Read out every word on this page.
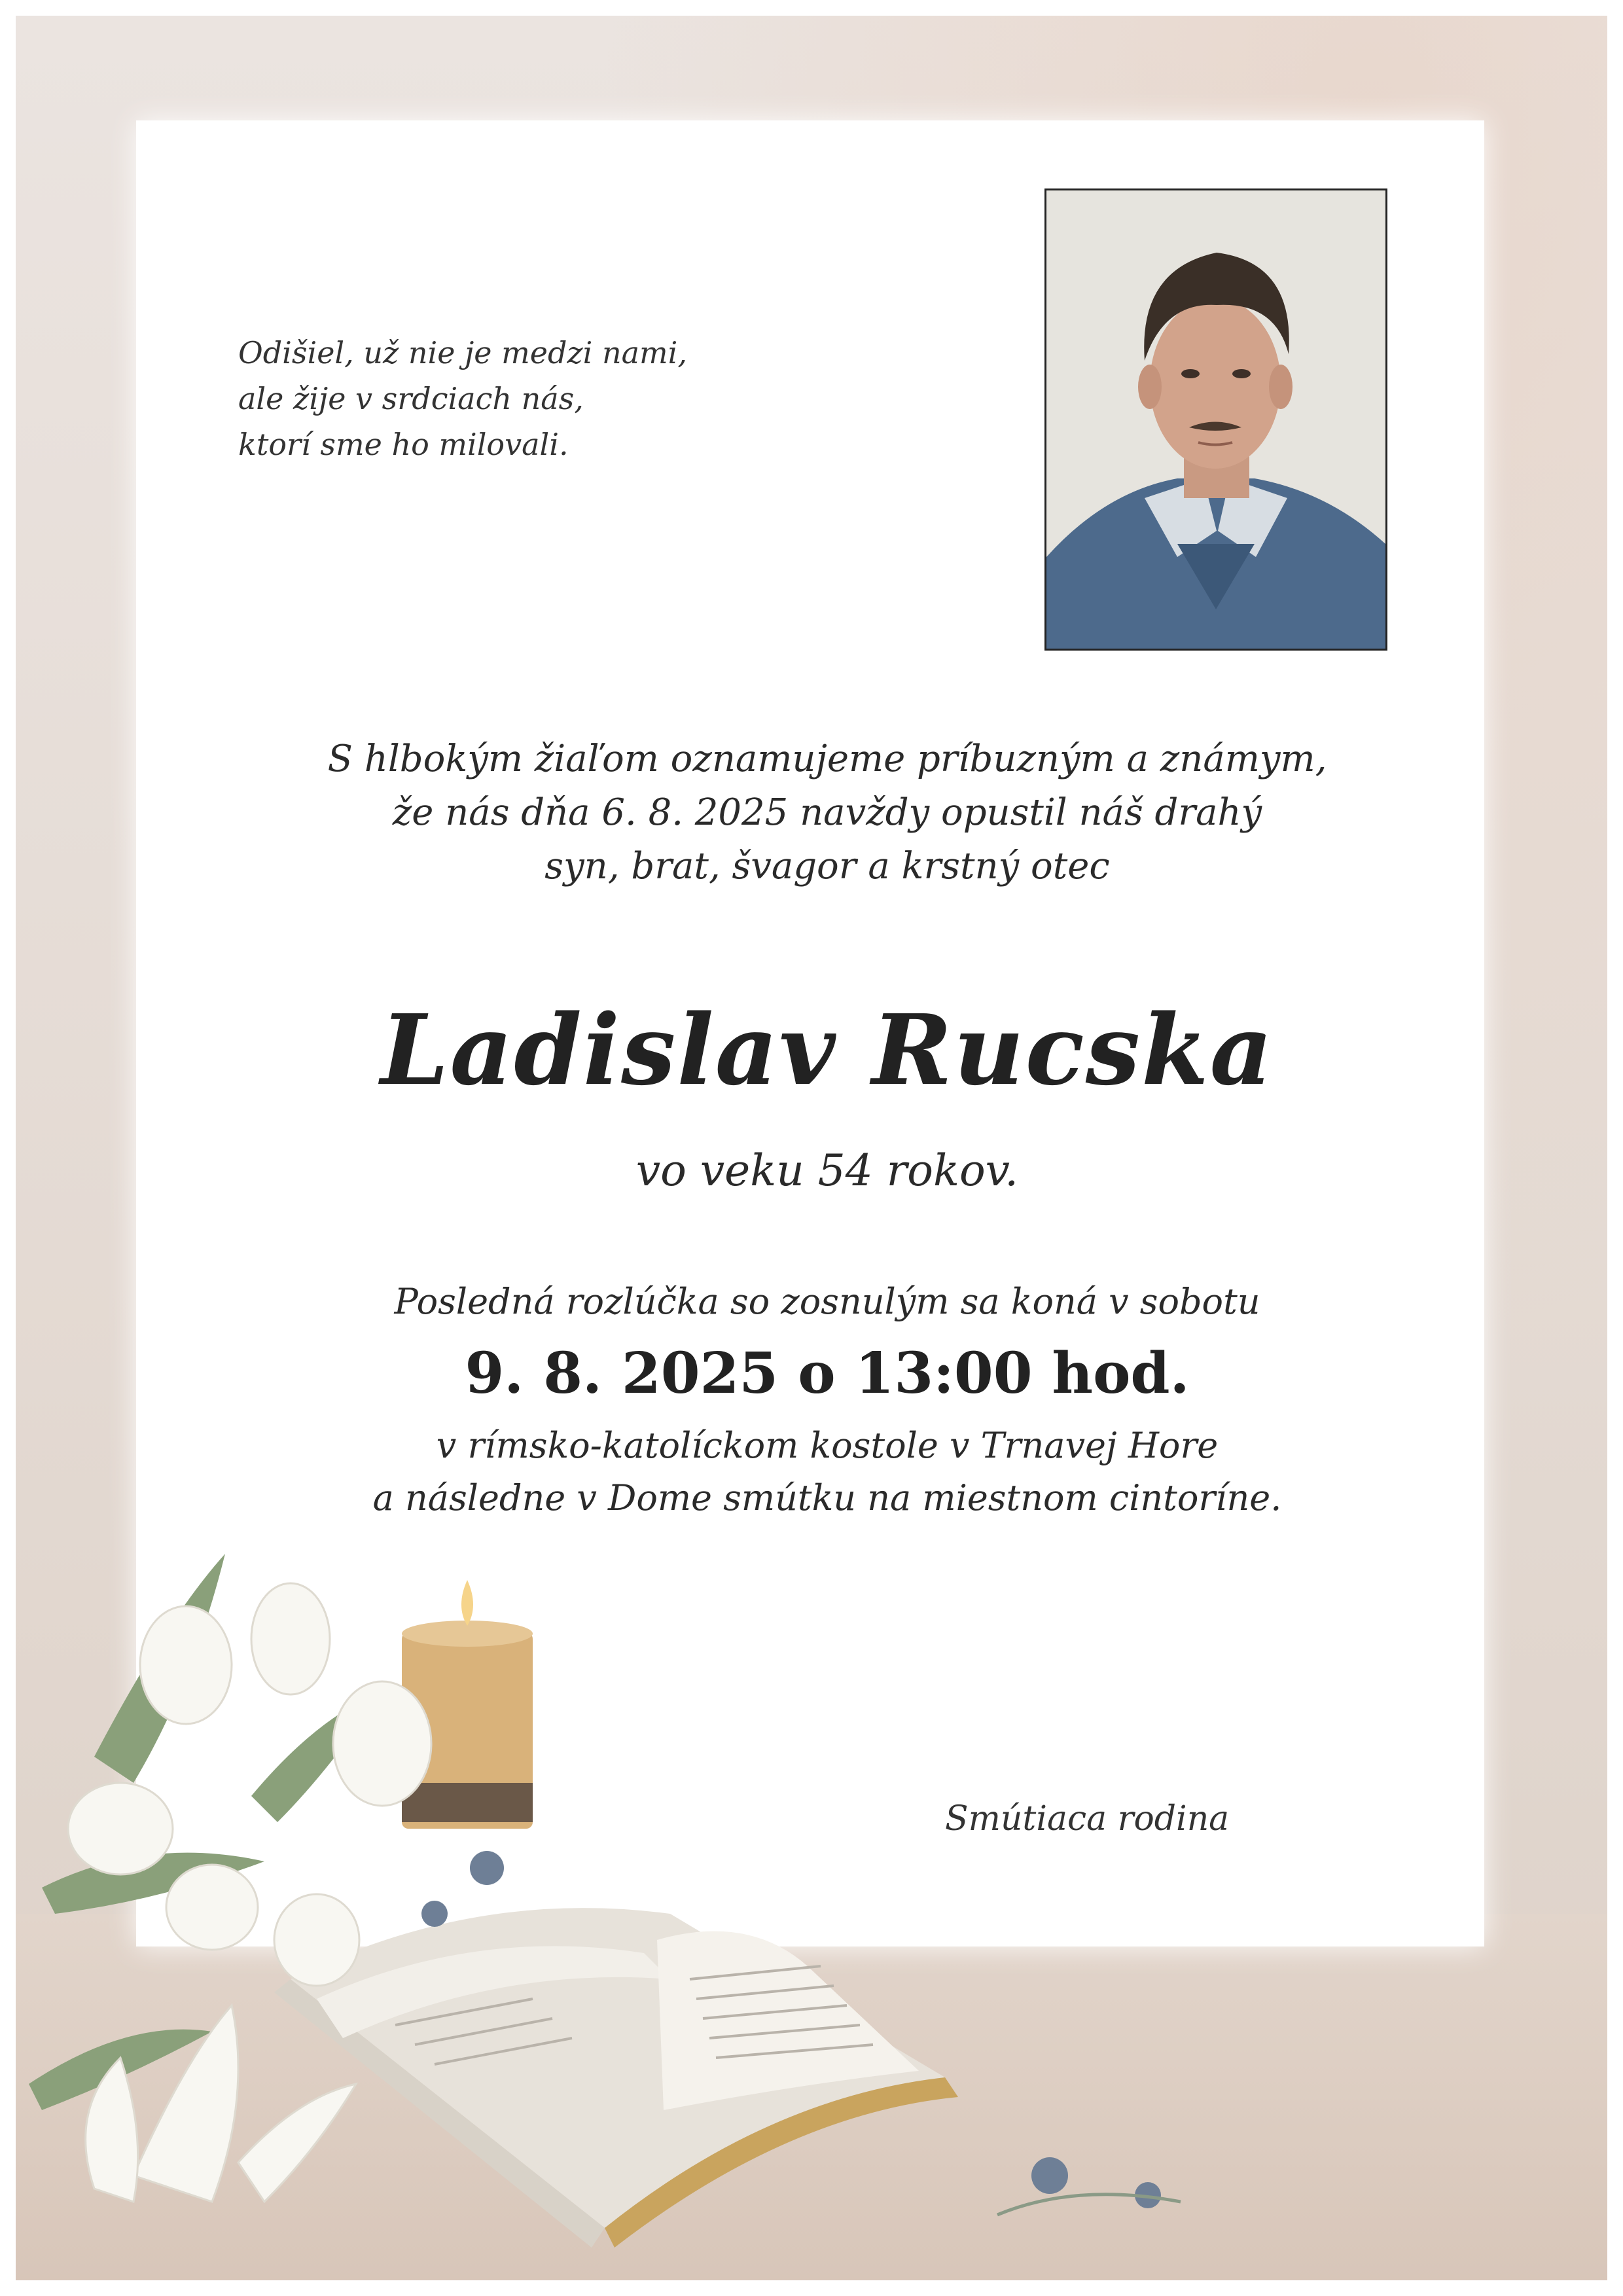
Odišiel, už nie je medzi nami,
ale žije v srdciach nás,
ktorí sme ho milovali.
S hlbokým žiaľom oznamujeme príbuzným a známym,
že nás dňa 6. 8. 2025 navždy opustil náš drahý
syn, brat, švagor a krstný otec
Ladislav Rucska
vo veku 54 rokov.
Posledná rozlúčka so zosnulým sa koná v sobotu
9. 8. 2025 o 13:00 hod.
v rímsko-katolíckom kostole v Trnavej Hore
a následne v Dome smútku na miestnom cintoríne.
Smútiaca rodina
